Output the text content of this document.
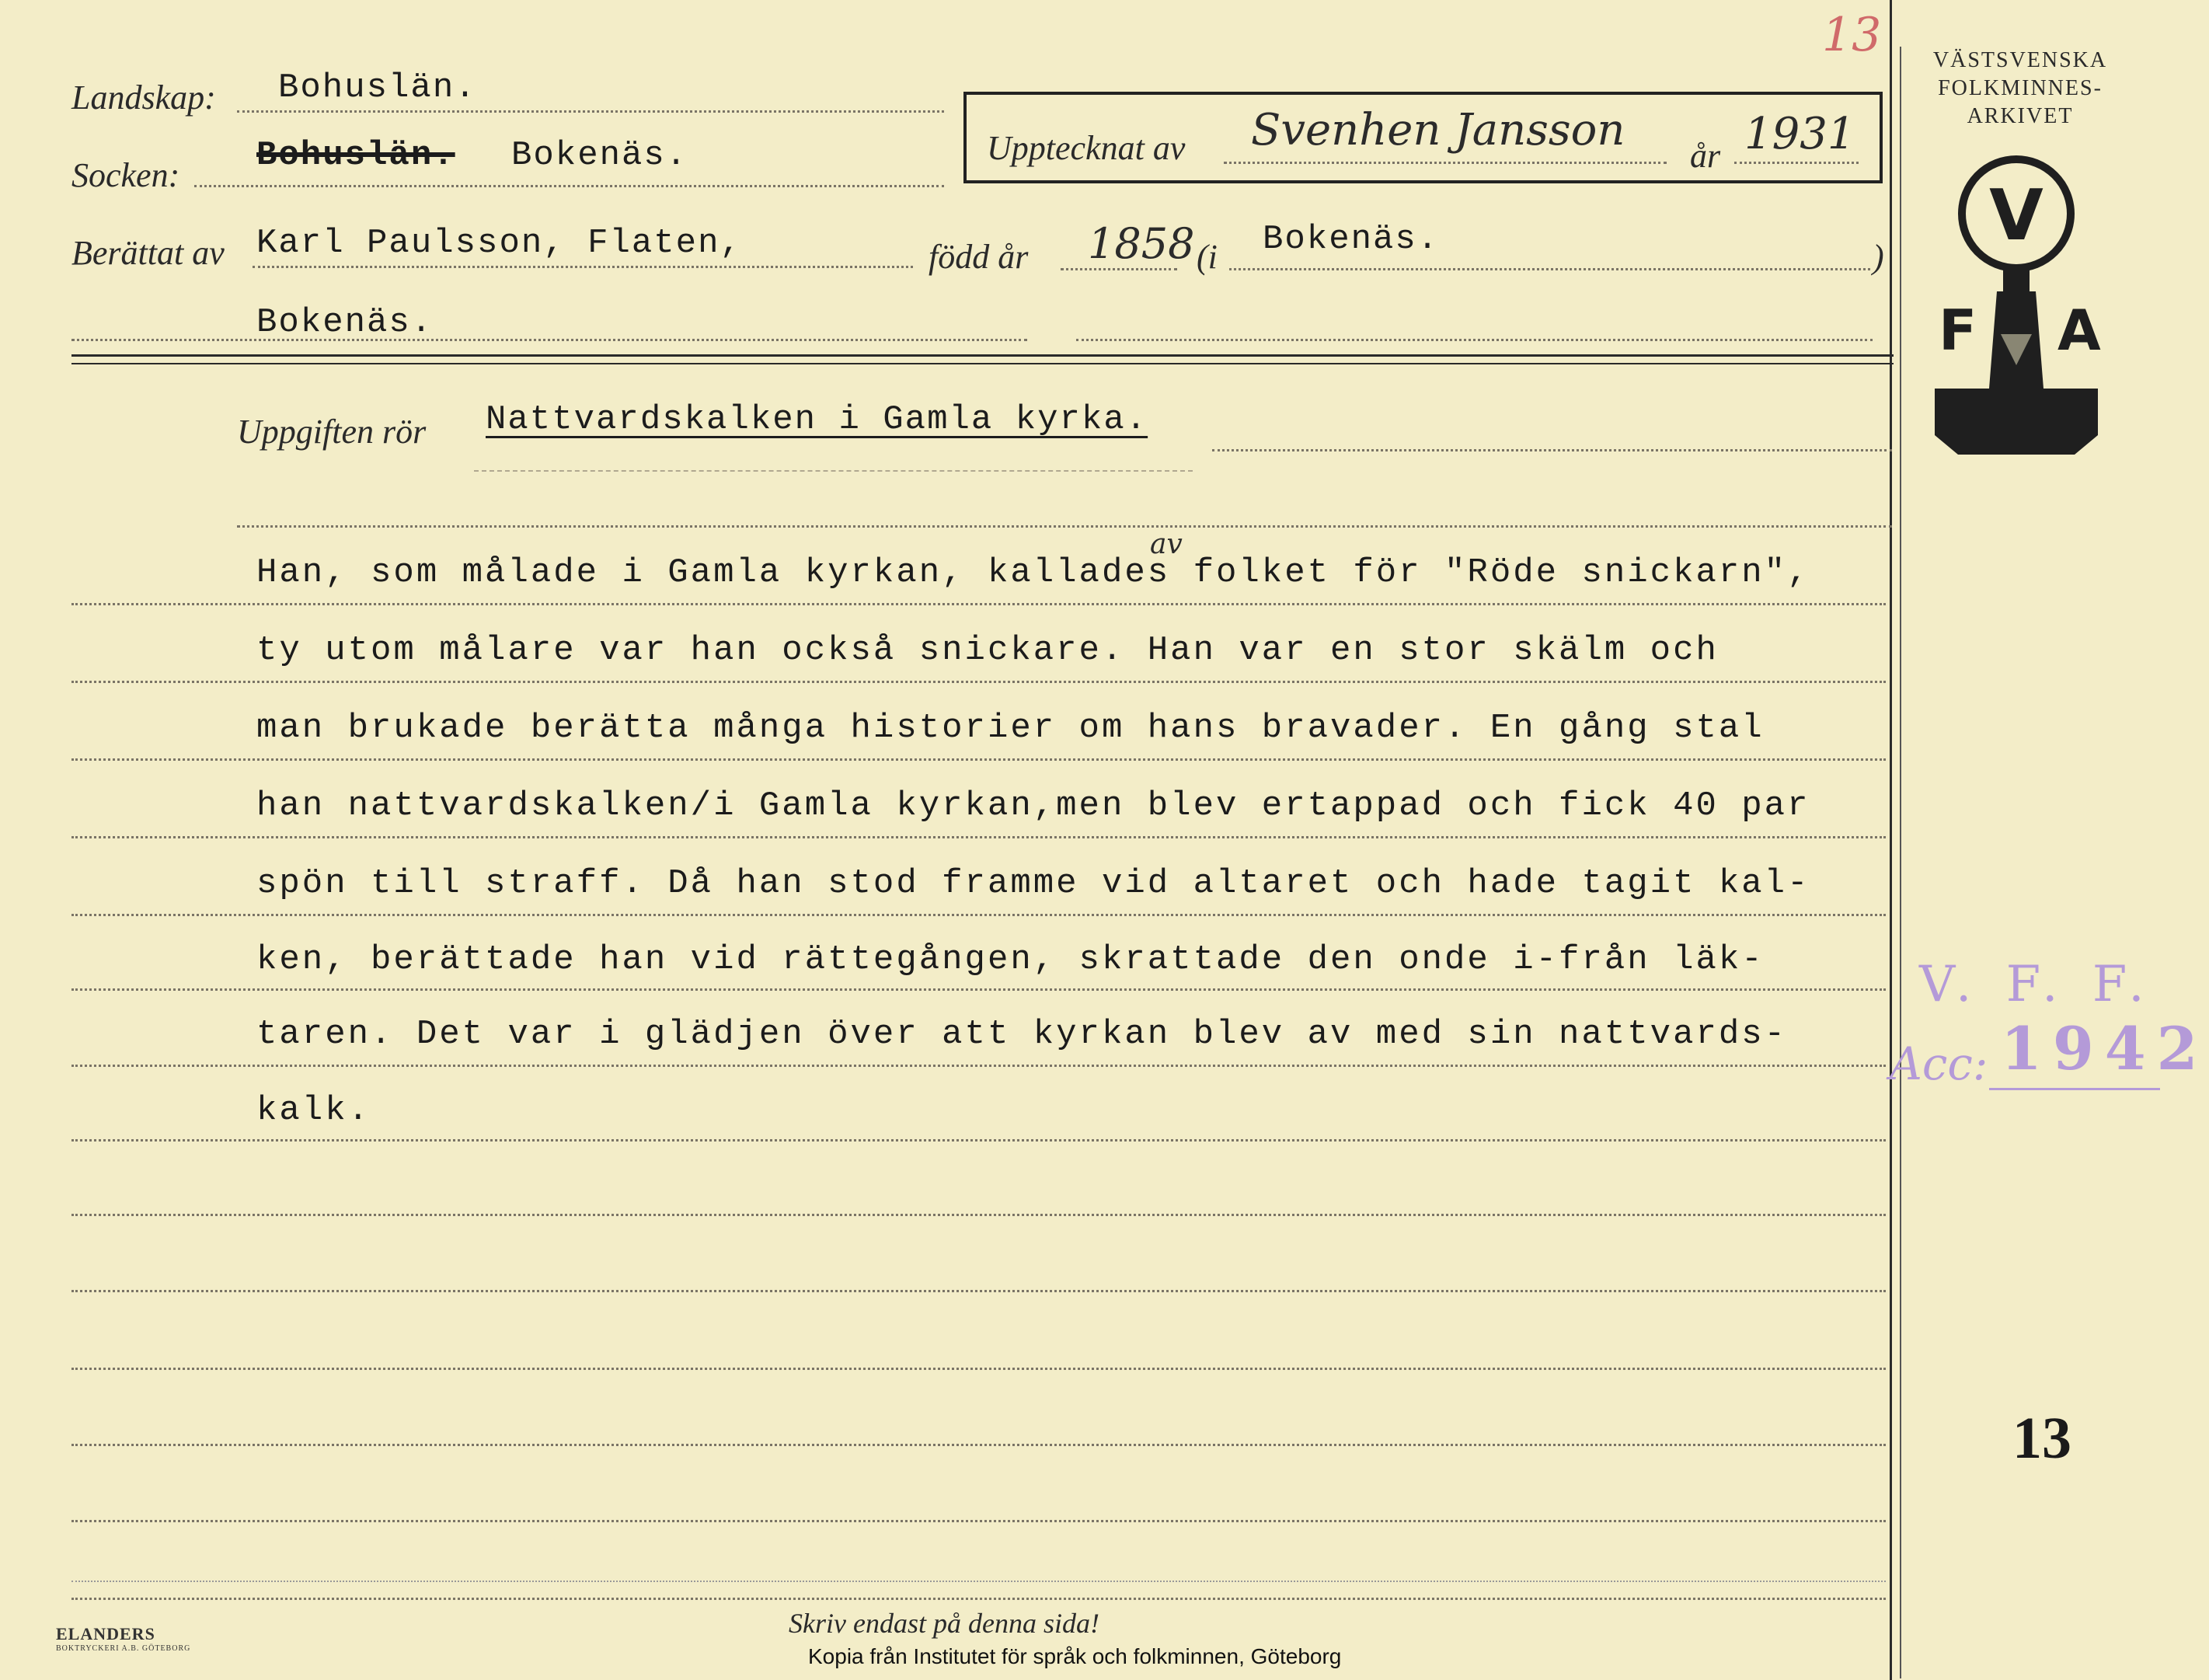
13	VÄSTSVENSKA
FOLKMINNES-
ARKIVET
V
F A
Landskap: Bohuslän.
Socken:
Bohuslän. Bokenäs.	Upptecknat av Svenhen Jansson
år 1931
Berättat av Karl Paulsson, Flaten,	född år 1858 (i Bokenäs.	)
Bokenäs.
Uppgiften rör Nattvardskalken i Gamla kyrka.
Han, som målade i Gamla kyrkan, kallades folket för "Röde snickarn",
av
ty utom målare var han också snickare. Han var en stor skälm och
man brukade berätta många historier om hans bravader. En gång stal
han nattvardskalken/i Gamla kyrkan,men blev ertappad och fick 40 par
spön till straff. Då han stod framme vid altaret och hade tagit kal-
ken, berättade han vid rättegången, skrattade den onde i-från läk-
taren. Det var i glädjen över att kyrkan blev av med sin nattvards-
kalk.
V. F. F.
Acc: 1942
13
Skriv endast på denna sida!
Kopia från Institutet för språk och folkminnen, Göteborg
ELANDERS
BOKTRYCKERI A.B. GÖTEBORG
